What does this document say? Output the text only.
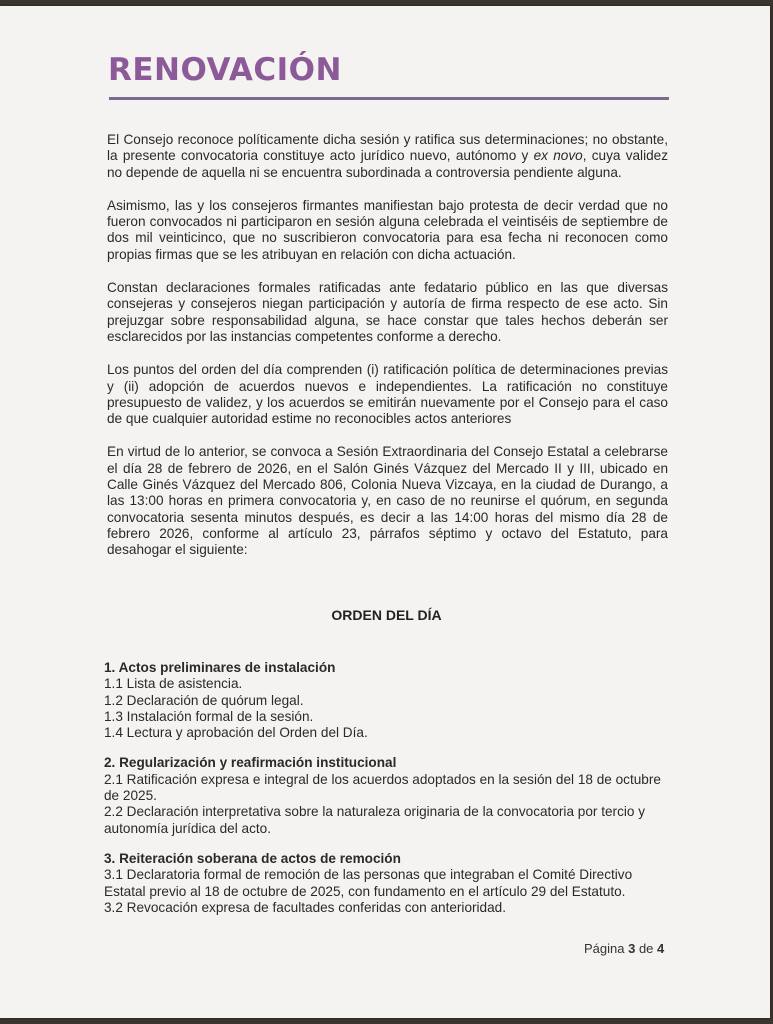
RENOVACIÓN

El Consejo reconoce políticamente dicha sesión y ratifica sus determinaciones; no obstante, la presente convocatoria constituye acto jurídico nuevo, autónomo y ex novo, cuya validez no depende de aquella ni se encuentra subordinada a controversia pendiente alguna.

Asimismo, las y los consejeros firmantes manifiestan bajo protesta de decir verdad que no fueron convocados ni participaron en sesión alguna celebrada el veintiséis de septiembre de dos mil veinticinco, que no suscribieron convocatoria para esa fecha ni reconocen como propias firmas que se les atribuyan en relación con dicha actuación.

Constan declaraciones formales ratificadas ante fedatario público en las que diversas consejeras y consejeros niegan participación y autoría de firma respecto de ese acto. Sin prejuzgar sobre responsabilidad alguna, se hace constar que tales hechos deberán ser esclarecidos por las instancias competentes conforme a derecho.

Los puntos del orden del día comprenden (i) ratificación política de determinaciones previas y (ii) adopción de acuerdos nuevos e independientes. La ratificación no constituye presupuesto de validez, y los acuerdos se emitirán nuevamente por el Consejo para el caso de que cualquier autoridad estime no reconocibles actos anteriores

En virtud de lo anterior, se convoca a Sesión Extraordinaria del Consejo Estatal a celebrarse el día 28 de febrero de 2026, en el Salón Ginés Vázquez del Mercado II y III, ubicado en Calle Ginés Vázquez del Mercado 806, Colonia Nueva Vizcaya, en la ciudad de Durango, a las 13:00 horas en primera convocatoria y, en caso de no reunirse el quórum, en segunda convocatoria sesenta minutos después, es decir a las 14:00 horas del mismo día 28 de febrero 2026, conforme al artículo 23, párrafos séptimo y octavo del Estatuto, para desahogar el siguiente:

ORDEN DEL DÍA
1. Actos preliminares de instalación
1.1 Lista de asistencia.
1.2 Declaración de quórum legal.
1.3 Instalación formal de la sesión.
1.4 Lectura y aprobación del Orden del Día.
2. Regularización y reafirmación institucional
2.1 Ratificación expresa e integral de los acuerdos adoptados en la sesión del 18 de octubre de 2025.
2.2 Declaración interpretativa sobre la naturaleza originaria de la convocatoria por tercio y autonomía jurídica del acto.
3. Reiteración soberana de actos de remoción
3.1 Declaratoria formal de remoción de las personas que integraban el Comité Directivo Estatal previo al 18 de octubre de 2025, con fundamento en el artículo 29 del Estatuto.
3.2 Revocación expresa de facultades conferidas con anterioridad.
Página 3 de 4
